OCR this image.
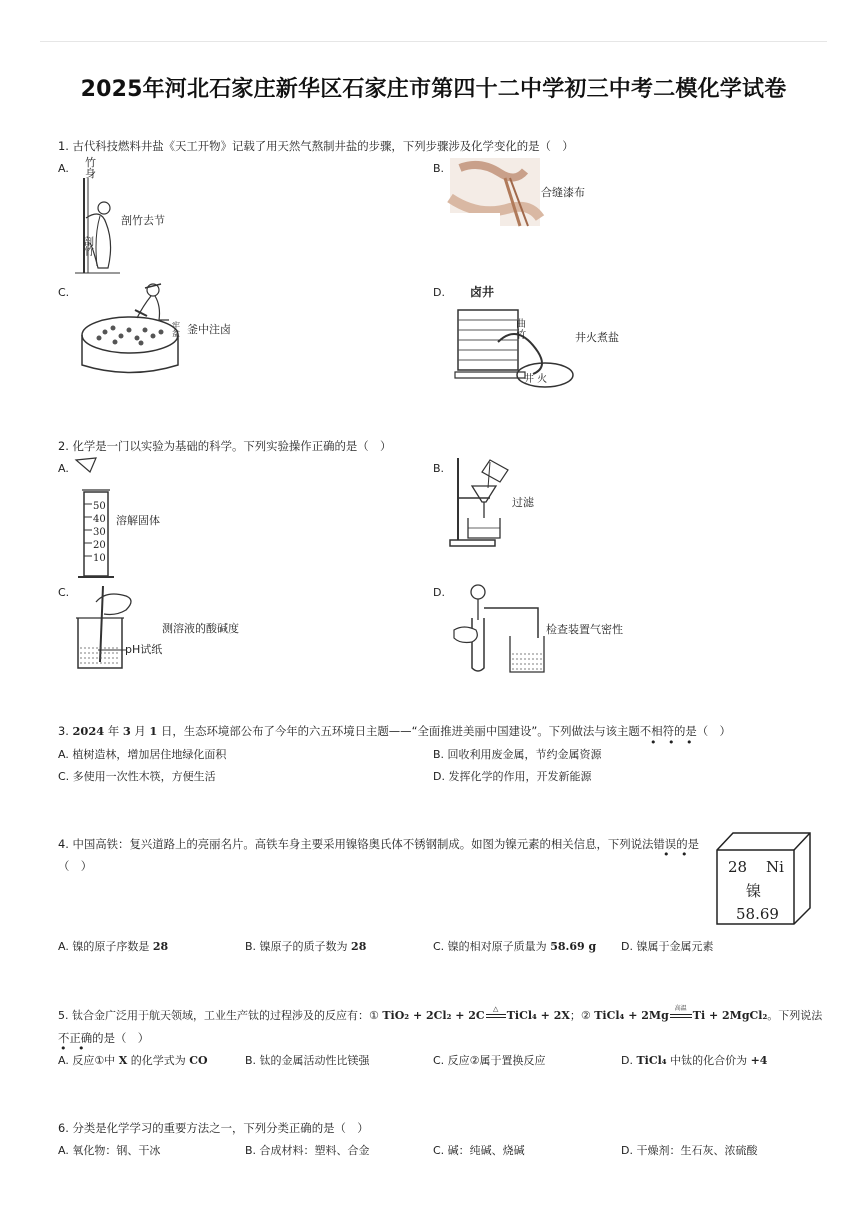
2025年河北石家庄新华区石家庄市第四十二中学初三中考二模化学试卷
1. 古代科技燃料井盐《天工开物》记载了用天然气熬制井盐的步骤，下列步骤涉及化学变化的是（　）
A. 竹
身
剖
竹
剖竹去节
B.
合缝漆布
C.
牢
盆 釜中注卤
D. 卤井
曲
竹
井 火
井火煮盐
2. 化学是一门以实验为基础的科学。下列实验操作正确的是（　）
A.
50
40
30
20
10
溶解固体
B.
过滤
C.
测溶液的酸碱度
pH试纸
D.
检查装置气密性
3. 2024 年 3 月 1 日，生态环境部公布了今年的六五环境日主题——“全面推进美丽中国建设”。下列做法与该主题不相符的是（　）
• • •
A. 植树造林，增加居住地绿化面积	B. 回收利用废金属，节约金属资源
C. 多使用一次性木筷，方便生活	D. 发挥化学的作用，开发新能源
4. 中国高铁：复兴道路上的亮丽名片。高铁车身主要采用镍铬奥氏体不锈钢制成。如图为镍元素的相关信息，下列说法错误的是
• •
（　）	28 Ni
镍
58.69
A. 镍的原子序数是 28	B. 镍原子的质子数为 28	C. 镍的相对原子质量为 58.69 g D. 镍属于金属元素
5. 钛合金广泛用于航天领域，工业生产钛的过程涉及的反应有：① TiO₂ + 2Cl₂ + 2C	△ TiCl₄ + 2X；② TiCl₄ + 2Mg
高温
Ti + 2MgCl₂。下列说法
不正确的是（　）
• •
A. 反应①中 X 的化学式为 CO	B. 钛的金属活动性比镁强	C. 反应②属于置换反应	D. TiCl₄ 中钛的化合价为 +4
6. 分类是化学学习的重要方法之一，下列分类正确的是（　）
A. 氧化物：钢、干冰	B. 合成材料：塑料、合金	C. 碱：纯碱、烧碱	D. 干燥剂：生石灰、浓硫酸
